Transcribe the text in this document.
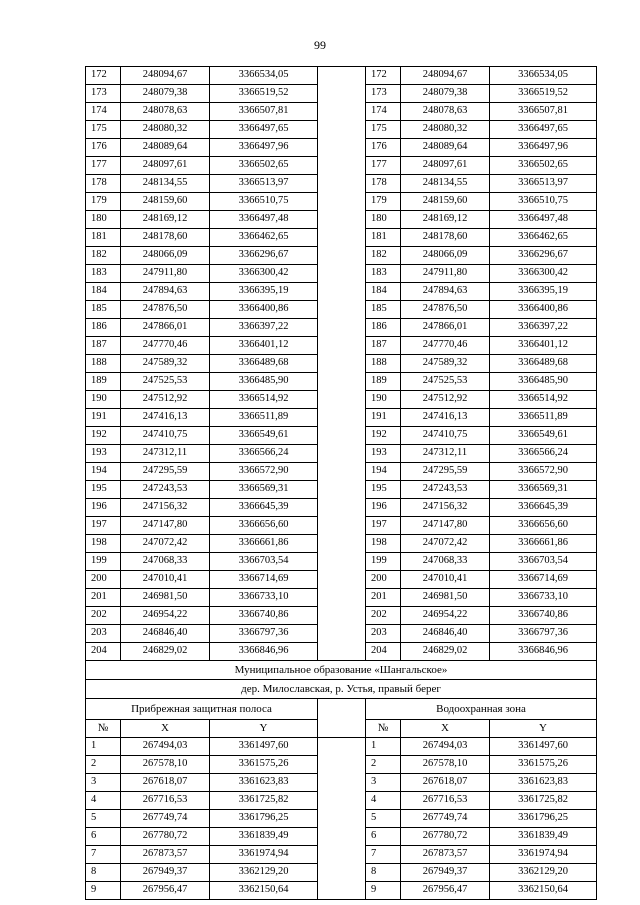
99
172	248094,67	3366534,05		172	248094,67	3366534,05
173	248079,38	3366519,52		173	248079,38	3366519,52
174	248078,63	3366507,81		174	248078,63	3366507,81
175	248080,32	3366497,65		175	248080,32	3366497,65
176	248089,64	3366497,96		176	248089,64	3366497,96
177	248097,61	3366502,65		177	248097,61	3366502,65
178	248134,55	3366513,97		178	248134,55	3366513,97
179	248159,60	3366510,75		179	248159,60	3366510,75
180	248169,12	3366497,48		180	248169,12	3366497,48
181	248178,60	3366462,65		181	248178,60	3366462,65
182	248066,09	3366296,67		182	248066,09	3366296,67
183	247911,80	3366300,42		183	247911,80	3366300,42
184	247894,63	3366395,19		184	247894,63	3366395,19
185	247876,50	3366400,86		185	247876,50	3366400,86
186	247866,01	3366397,22		186	247866,01	3366397,22
187	247770,46	3366401,12		187	247770,46	3366401,12
188	247589,32	3366489,68		188	247589,32	3366489,68
189	247525,53	3366485,90		189	247525,53	3366485,90
190	247512,92	3366514,92		190	247512,92	3366514,92
191	247416,13	3366511,89		191	247416,13	3366511,89
192	247410,75	3366549,61		192	247410,75	3366549,61
193	247312,11	3366566,24		193	247312,11	3366566,24
194	247295,59	3366572,90		194	247295,59	3366572,90
195	247243,53	3366569,31		195	247243,53	3366569,31
196	247156,32	3366645,39		196	247156,32	3366645,39
197	247147,80	3366656,60		197	247147,80	3366656,60
198	247072,42	3366661,86		198	247072,42	3366661,86
199	247068,33	3366703,54		199	247068,33	3366703,54
200	247010,41	3366714,69		200	247010,41	3366714,69
201	246981,50	3366733,10		201	246981,50	3366733,10
202	246954,22	3366740,86		202	246954,22	3366740,86
203	246846,40	3366797,36		203	246846,40	3366797,36
204	246829,02	3366846,96		204	246829,02	3366846,96
Муниципальное образование «Шангальское»						
дер. Милославская, р. Устья, правый берег						
Прибрежная защитная полоса				Водоохранная зона		
№	X	Y		№	X	Y
1	267494,03	3361497,60		1	267494,03	3361497,60
2	267578,10	3361575,26		2	267578,10	3361575,26
3	267618,07	3361623,83		3	267618,07	3361623,83
4	267716,53	3361725,82		4	267716,53	3361725,82
5	267749,74	3361796,25		5	267749,74	3361796,25
6	267780,72	3361839,49		6	267780,72	3361839,49
7	267873,57	3361974,94		7	267873,57	3361974,94
8	267949,37	3362129,20		8	267949,37	3362129,20
9	267956,47	3362150,64		9	267956,47	3362150,64
